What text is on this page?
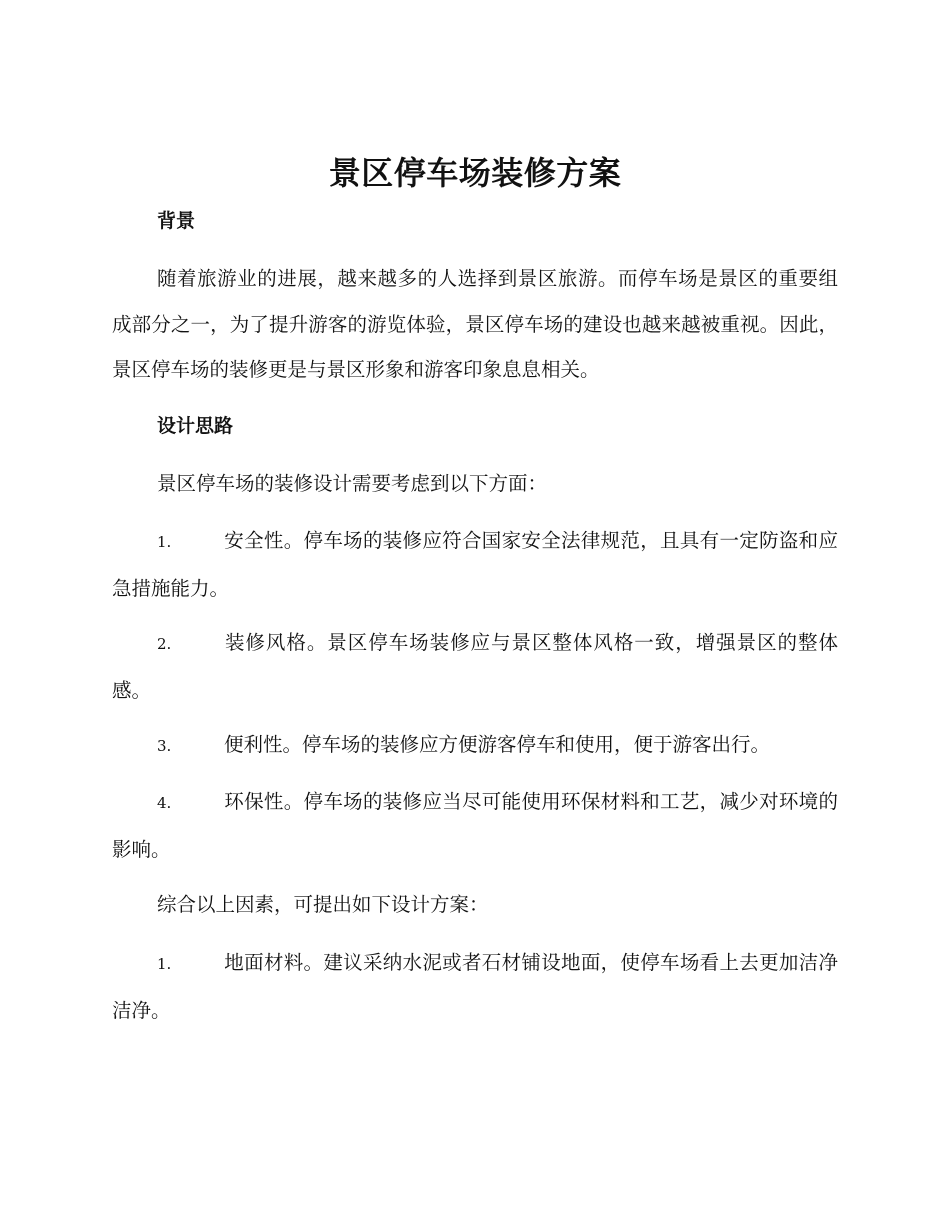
景区停车场装修方案
背景

随着旅游业的进展，越来越多的人选择到景区旅游。而停车场是景区的重要组成部分之一，为了提升游客的游览体验，景区停车场的建设也越来越被重视。因此，景区停车场的装修更是与景区形象和游客印象息息相关。

设计思路

景区停车场的装修设计需要考虑到以下方面：

1.	安全性。停车场的装修应符合国家安全法律规范，且具有一定防盗和应急措施能力。

2.	装修风格。景区停车场装修应与景区整体风格一致，增强景区的整体感。

3.	便利性。停车场的装修应方便游客停车和使用，便于游客出行。

4.	环保性。停车场的装修应当尽可能使用环保材料和工艺，减少对环境的影响。

综合以上因素，可提出如下设计方案：

1.	地面材料。建议采纳水泥或者石材铺设地面，使停车场看上去更加洁净洁净。
